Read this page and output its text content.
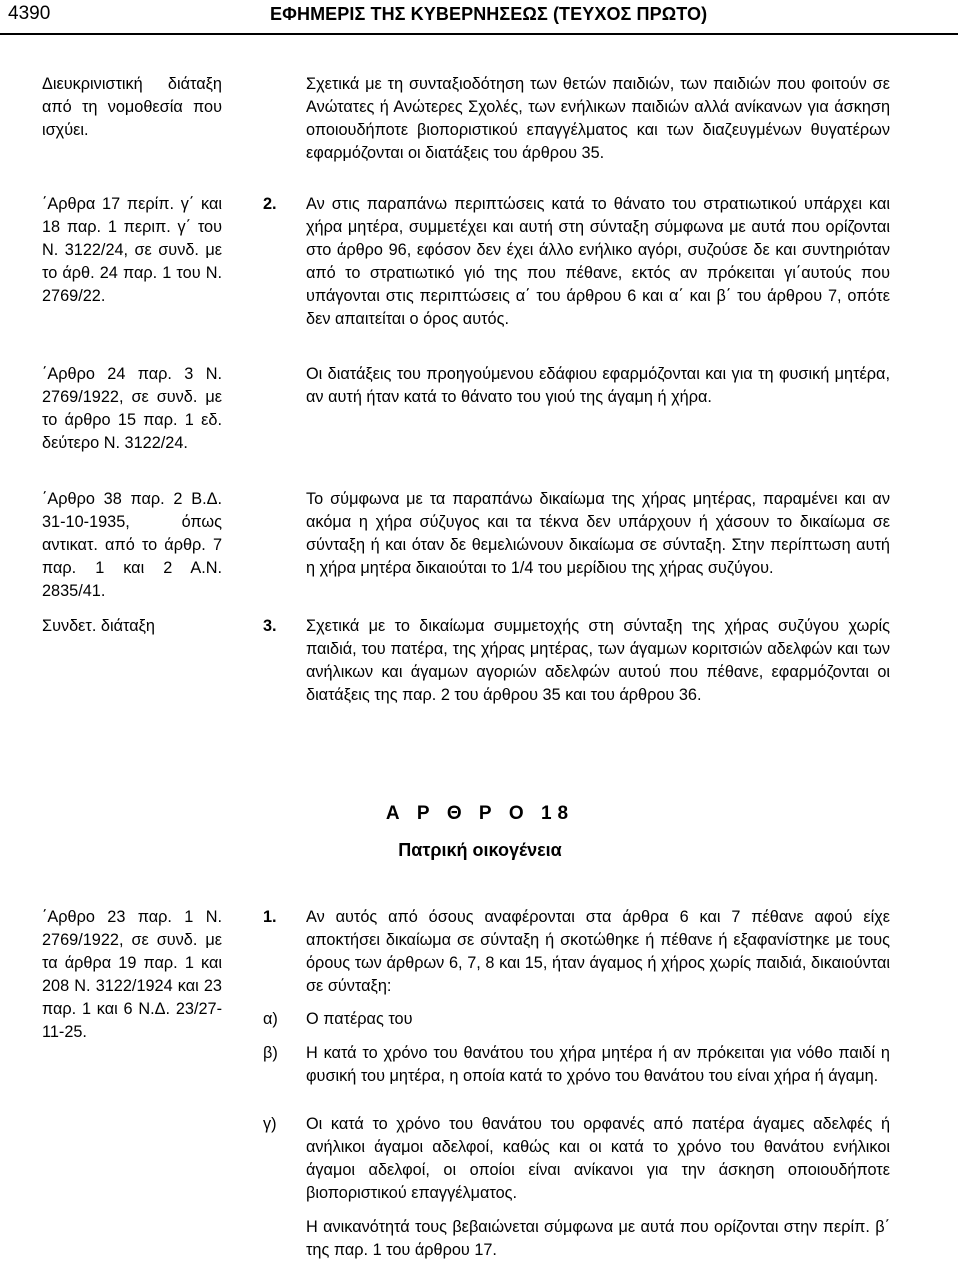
4390	ΕΦΗΜΕΡΙΣ ΤΗΣ ΚΥΒΕΡΝΗΣΕΩΣ (ΤΕΥΧΟΣ ΠΡΩΤΟ)
Διευκρινιστική διάταξη από τη νομοθεσία που ισχύει.
΄Αρθρα 17 περίπ. γ΄ και 18 παρ. 1 περιπ. γ΄ του Ν. 3122/24, σε συνδ. με το άρθ. 24 παρ. 1 του Ν. 2769/22.
΄Αρθρο 24 παρ. 3 Ν. 2769/1922, σε συνδ. με το άρθρο 15 παρ. 1 εδ. δεύτερο Ν. 3122/24.
΄Αρθρο 38 παρ. 2 Β.Δ. 31-10-1935, όπως αντικατ. από το άρθρ. 7 παρ. 1 και 2 Α.Ν. 2835/41.
Συνδετ. διάταξη
΄Αρθρο 23 παρ. 1 Ν. 2769/1922, σε συνδ. με τα άρθρα 19 παρ. 1 και 208 Ν. 3122/1924 και 23 παρ. 1 και 6 Ν.Δ. 23/27-11-25.
Σχετικά με τη συνταξιοδότηση των θετών παιδιών, των παιδιών που φοιτούν σε Ανώτατες ή Ανώτερες Σχολές, των ενήλικων παιδιών αλλά ανίκανων για άσκηση οποιουδήποτε βιοποριστικού επαγγέλματος και των διαζευγμένων θυγατέρων εφαρμόζονται οι διατάξεις του άρθρου 35.
2. Αν στις παραπάνω περιπτώσεις κατά το θάνατο του στρατιωτικού υπάρχει και χήρα μητέρα, συμμετέχει και αυτή στη σύνταξη σύμφωνα με αυτά που ορίζονται στο άρθρο 96, εφόσον δεν έχει άλλο ενήλικο αγόρι, συζούσε δε και συντηριόταν από το στρατιωτικό γιό της που πέθανε, εκτός αν πρόκειται γι΄αυτούς που υπάγονται στις περιπτώσεις α΄ του άρθρου 6 και α΄ και β΄ του άρθρου 7, οπότε δεν απαιτείται ο όρος αυτός.
Οι διατάξεις του προηγούμενου εδάφιου εφαρμόζονται και για τη φυσική μητέρα, αν αυτή ήταν κατά το θάνατο του γιού της άγαμη ή χήρα.
Το σύμφωνα με τα παραπάνω δικαίωμα της χήρας μητέρας, παραμένει και αν ακόμα η χήρα σύζυγος και τα τέκνα δεν υπάρχουν ή χάσουν το δικαίωμα σε σύνταξη ή και όταν δε θεμελιώνουν δικαίωμα σε σύνταξη. Στην περίπτωση αυτή η χήρα μητέρα δικαιούται το 1/4 του μερίδιου της χήρας συζύγου.
3. Σχετικά με το δικαίωμα συμμετοχής στη σύνταξη της χήρας συζύγου χωρίς παιδιά, του πατέρα, της χήρας μητέρας, των άγαμων κοριτσιών αδελφών και των ανήλικων και άγαμων αγοριών αδελφών αυτού που πέθανε, εφαρμόζονται οι διατάξεις της παρ. 2 του άρθρου 35 και του άρθρου 36.
Α Ρ Θ Ρ Ο 18
Πατρική οικογένεια
1. Αν αυτός από όσους αναφέρονται στα άρθρα 6 και 7 πέθανε αφού είχε αποκτήσει δικαίωμα σε σύνταξη ή σκοτώθηκε ή πέθανε ή εξαφανίστηκε με τους όρους των άρθρων 6, 7, 8 και 15, ήταν άγαμος ή χήρος χωρίς παιδιά, δικαιούνται σε σύνταξη:
α) Ο πατέρας του
β) Η κατά το χρόνο του θανάτου του χήρα μητέρα ή αν πρόκειται για νόθο παιδί η φυσική του μητέρα, η οποία κατά το χρόνο του θανάτου του είναι χήρα ή άγαμη.
γ) Οι κατά το χρόνο του θανάτου του ορφανές από πατέρα άγαμες αδελφές ή ανήλικοι άγαμοι αδελφοί, καθώς και οι κατά το χρόνο του θανάτου ενήλικοι άγαμοι αδελφοί, οι οποίοι είναι ανίκανοι για την άσκηση οποιουδήποτε βιοποριστικού επαγγέλματος.
Η ανικανότητά τους βεβαιώνεται σύμφωνα με αυτά που ορίζονται στην περίπ. β΄ της παρ. 1 του άρθρου 17.
